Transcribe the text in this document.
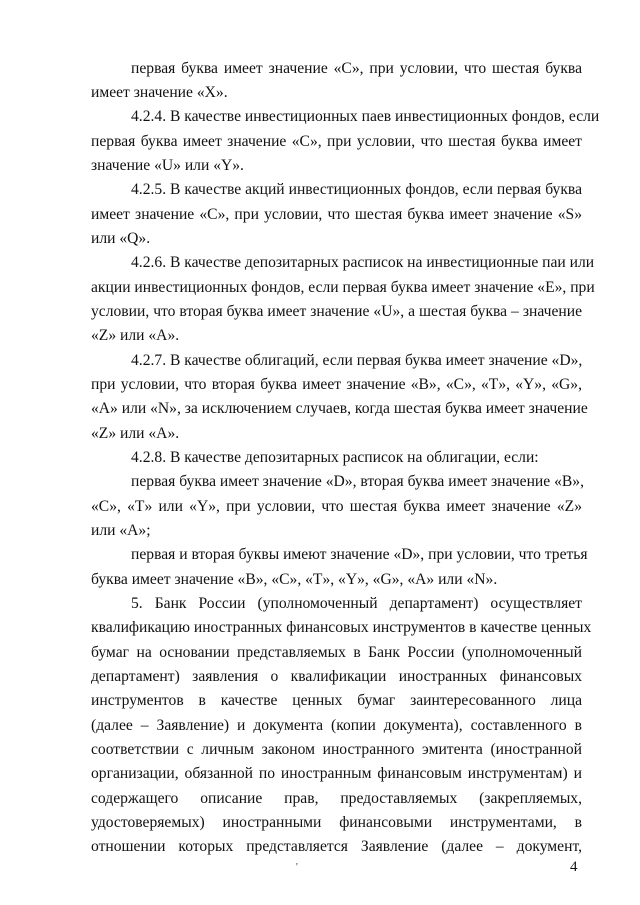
первая буква имеет значение «C», при условии, что шестая буква
имеет значение «X».
4.2.4. В качестве инвестиционных паев инвестиционных фондов, если
первая буква имеет значение «C», при условии, что шестая буква имеет
значение «U» или «Y».
4.2.5. В качестве акций инвестиционных фондов, если первая буква
имеет значение «C», при условии, что шестая буква имеет значение «S»
или «Q».
4.2.6. В качестве депозитарных расписок на инвестиционные паи или
акции инвестиционных фондов, если первая буква имеет значение «E», при
условии, что вторая буква имеет значение «U», а шестая буква – значение
«Z» или «A».
4.2.7. В качестве облигаций, если первая буква имеет значение «D»,
при условии, что вторая буква имеет значение «B», «C», «T», «Y», «G»,
«A» или «N», за исключением случаев, когда шестая буква имеет значение
«Z» или «A».
4.2.8. В качестве депозитарных расписок на облигации, если:
первая буква имеет значение «D», вторая буква имеет значение «B»,
«C», «T» или «Y», при условии, что шестая буква имеет значение «Z»
или «A»;
первая и вторая буквы имеют значение «D», при условии, что третья
буква имеет значение «B», «C», «T», «Y», «G», «A» или «N».
5. Банк России (уполномоченный департамент) осуществляет
квалификацию иностранных финансовых инструментов в качестве ценных
бумаг на основании представляемых в Банк России (уполномоченный
департамент) заявления о квалификации иностранных финансовых
инструментов в качестве ценных бумаг заинтересованного лица
(далее – Заявление) и документа (копии документа), составленного в
соответствии с личным законом иностранного эмитента (иностранной
организации, обязанной по иностранным финансовым инструментам) и
содержащего описание прав, предоставляемых (закрепляемых,
удостоверяемых) иностранными финансовыми инструментами, в
отношении которых представляется Заявление (далее – документ,
'	4
